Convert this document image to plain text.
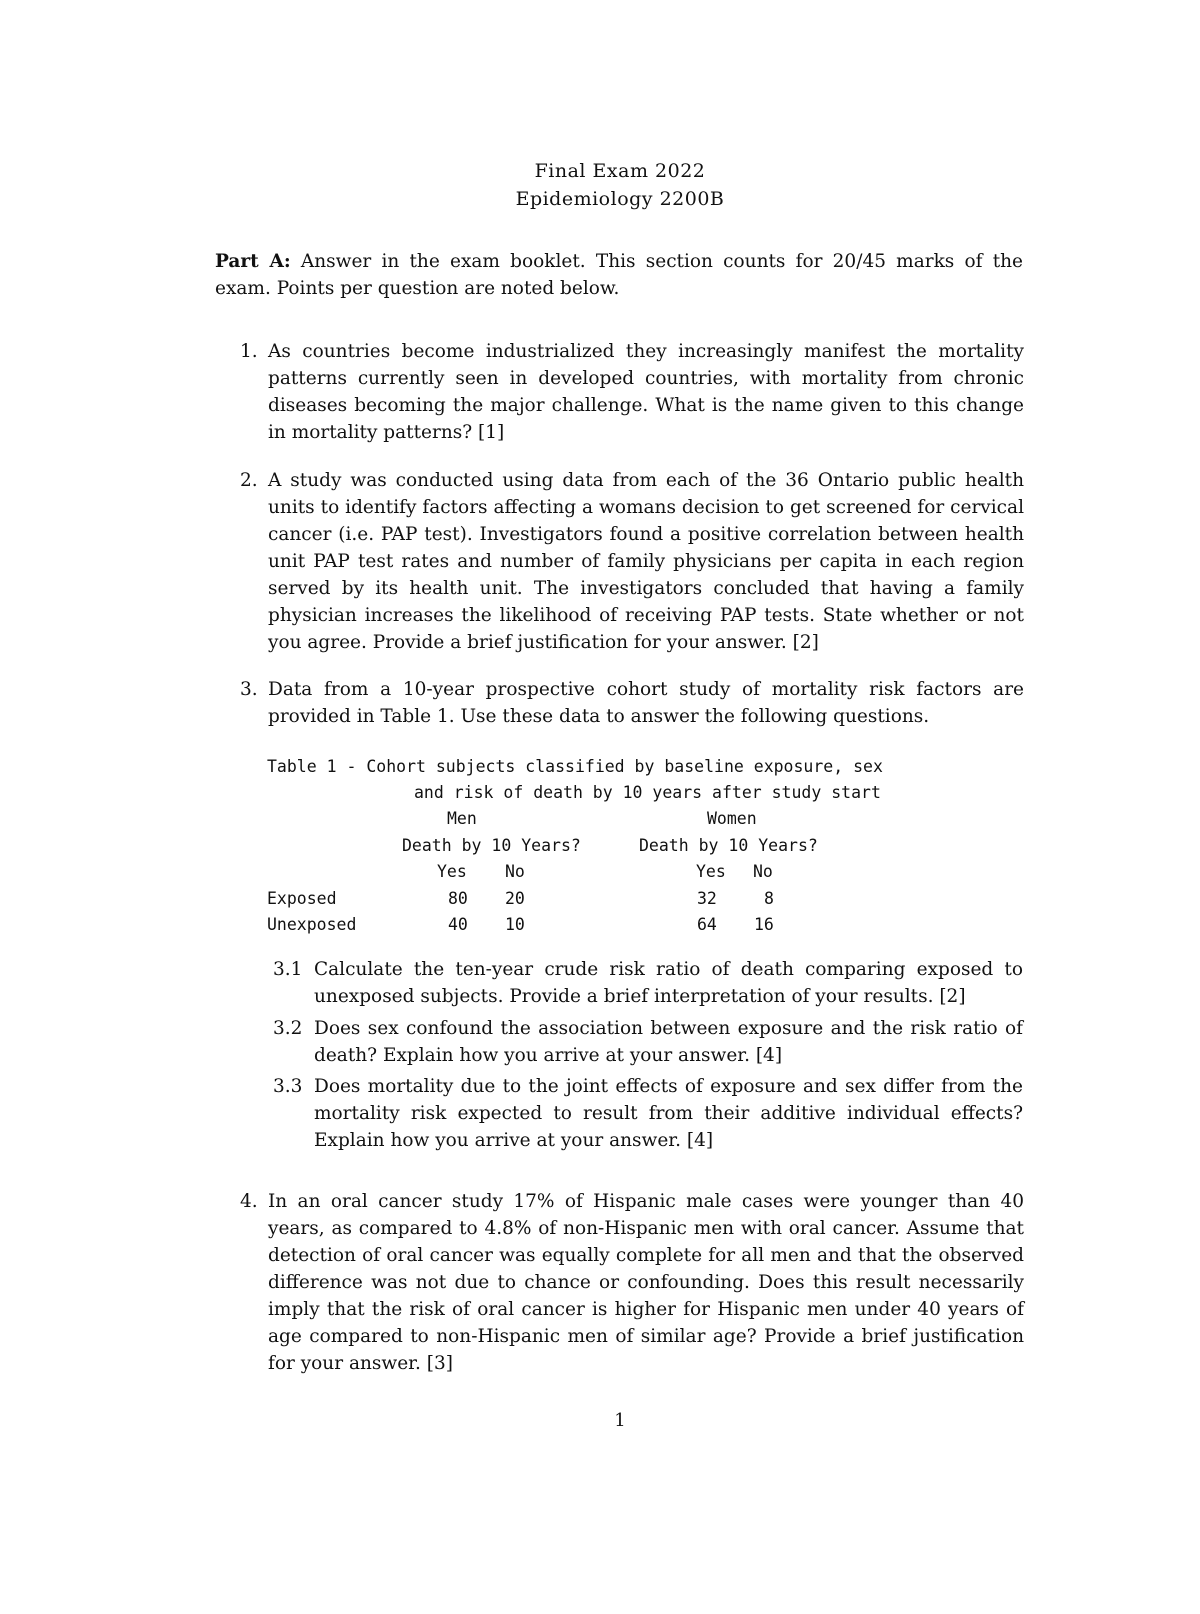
Final Exam 2022
Epidemiology 2200B
Part A: Answer in the exam booklet. This section counts for 20/45 marks of the exam. Points per question are noted below.
1. As countries become industrialized they increasingly manifest the mortality patterns currently seen in developed countries, with mortality from chronic diseases becoming the major challenge. What is the name given to this change in mortality patterns? [1]
2. A study was conducted using data from each of the 36 Ontario public health units to identify factors affecting a womans decision to get screened for cervical cancer (i.e. PAP test). Investigators found a positive correlation between health unit PAP test rates and number of family physicians per capita in each region served by its health unit. The investigators concluded that having a family physician increases the likelihood of receiving PAP tests. State whether or not you agree. Provide a brief justification for your answer. [2]
3. Data from a 10-year prospective cohort study of mortality risk factors are provided in Table 1. Use these data to answer the following questions.
Table 1 - Cohort subjects classified by baseline exposure, sex
and risk of death by 10 years after study start
Men	Women
Death by 10 Years?	Death by 10 Years?
Yes No	Yes No
Exposed	80 20	32	8
Unexposed	40 10	64 16
3.1 Calculate the ten-year crude risk ratio of death comparing exposed to unexposed subjects. Provide a brief interpretation of your results. [2]
3.2 Does sex confound the association between exposure and the risk ratio of death? Explain how you arrive at your answer. [4]
3.3 Does mortality due to the joint effects of exposure and sex differ from the mortality risk expected to result from their additive individual effects? Explain how you arrive at your answer. [4]
4. In an oral cancer study 17% of Hispanic male cases were younger than 40 years, as compared to 4.8% of non-Hispanic men with oral cancer. Assume that detection of oral cancer was equally complete for all men and that the observed difference was not due to chance or confounding. Does this result necessarily imply that the risk of oral cancer is higher for Hispanic men under 40 years of age compared to non-Hispanic men of similar age? Provide a brief justification for your answer. [3]
1
